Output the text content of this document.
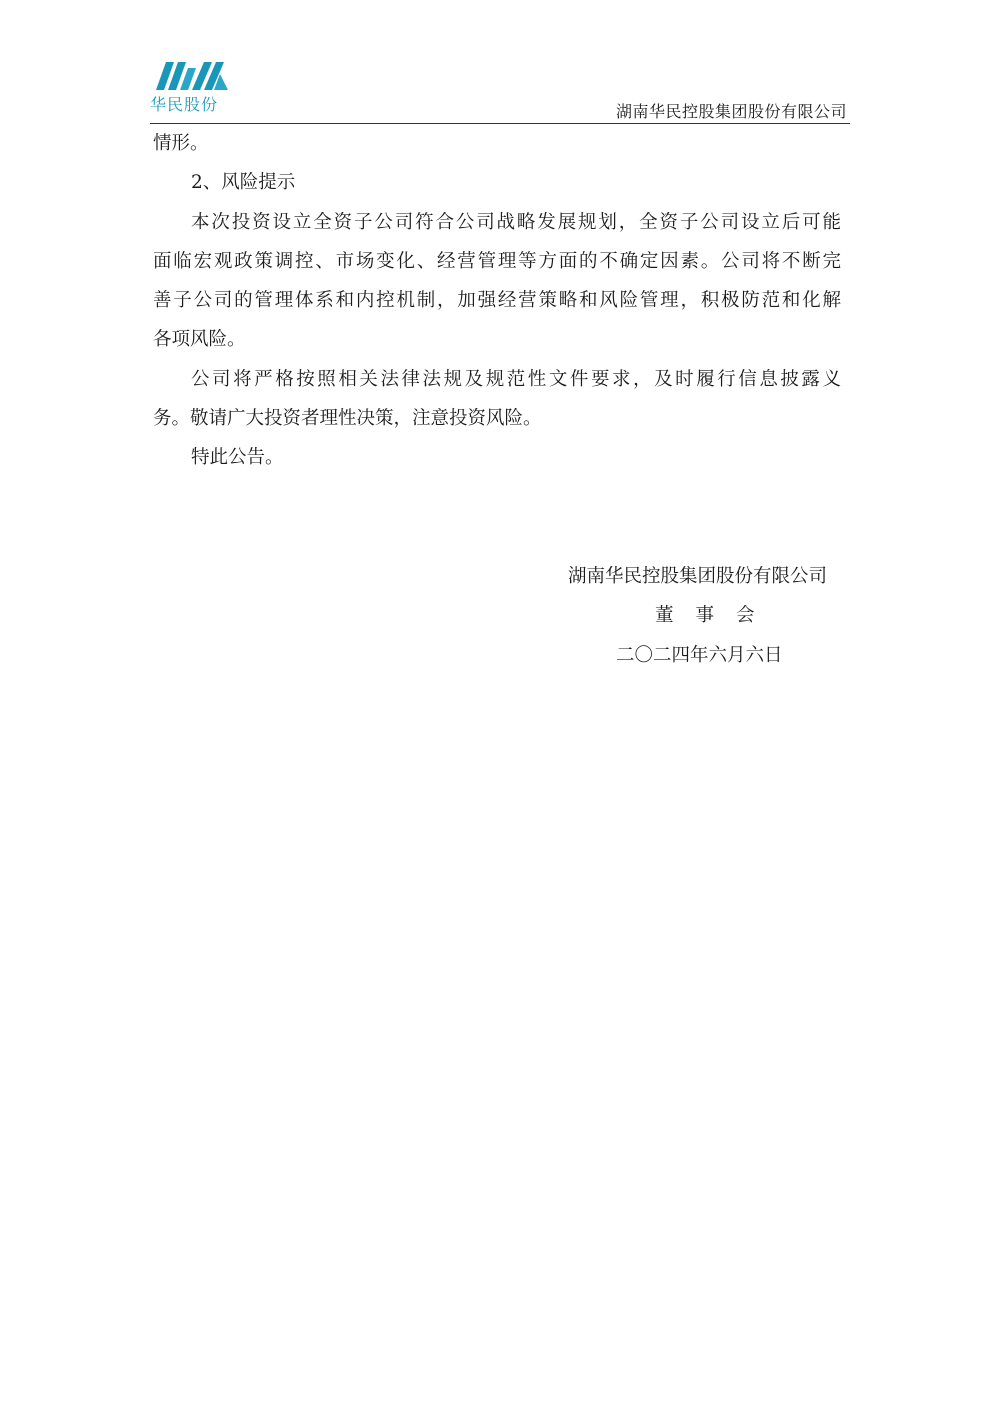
华民股份	湖南华民控股集团股份有限公司
情形。
2、风险提示
本次投资设立全资子公司符合公司战略发展规划，全资子公司设立后可能
面临宏观政策调控、市场变化、经营管理等方面的不确定因素。公司将不断完
善子公司的管理体系和内控机制，加强经营策略和风险管理，积极防范和化解
各项风险。
公司将严格按照相关法律法规及规范性文件要求，及时履行信息披露义
务。敬请广大投资者理性决策，注意投资风险。
特此公告。
湖南华民控股集团股份有限公司
董事会
二〇二四年六月六日
